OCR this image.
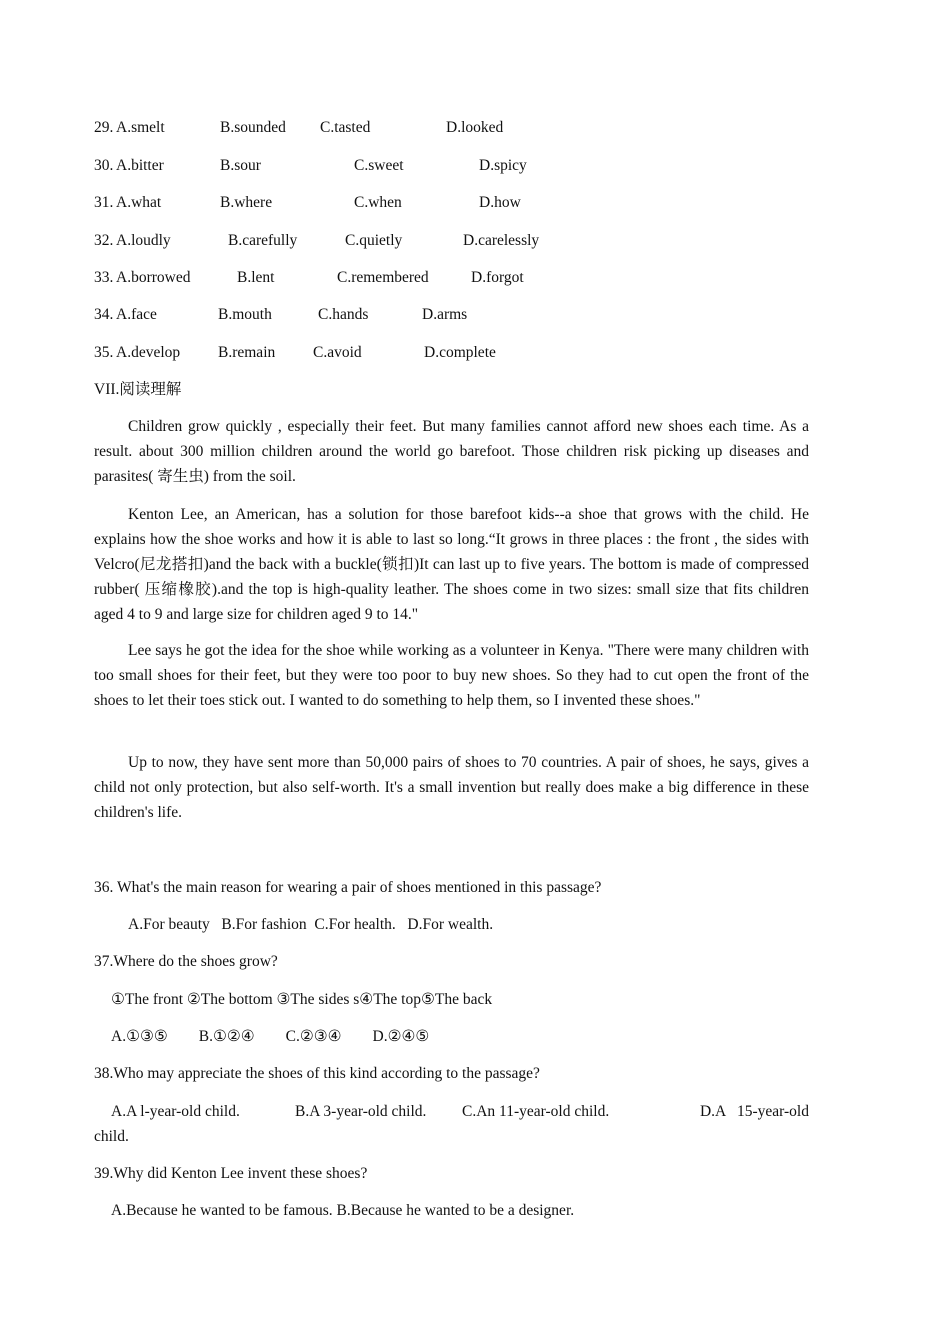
29. A.smelt	B.sounded C.tasted	D.looked
30. A.bitter	B.sour	C.sweet	D.spicy
31. A.what	B.where	C.when	D.how
32. A.loudly	B.carefully	C.quietly	D.carelessly
33. A.borrowed	B.lent	C.remembered	D.forgot
34. A.face	B.mouth	C.hands	D.arms
35. A.develop B.remain C.avoid	D.complete
VII.阅读理解

Children grow quickly , especially their feet. But many families cannot afford new shoes each time. As a result. about 300 million children around the world go barefoot. Those children risk picking up diseases and parasites( 寄生虫) from the soil.

Kenton Lee, an American, has a solution for those barefoot kids--a shoe that grows with the child. He explains how the shoe works and how it is able to last so long.“It grows in three places : the front , the sides with Velcro(尼龙搭扣)and the back with a buckle(锁扣)It can last up to five years. The bottom is made of compressed rubber( 压缩橡胶).and the top is high-quality leather. The shoes come in two sizes: small size that fits children aged 4 to 9 and large size for children aged 9 to 14."

Lee says he got the idea for the shoe while working as a volunteer in Kenya. "There were many children with too small shoes for their feet, but they were too poor to buy new shoes. So they had to cut open the front of the shoes to let their toes stick out. I wanted to do something to help them, so I invented these shoes."

Up to now, they have sent more than 50,000 pairs of shoes to 70 countries. A pair of shoes, he says, gives a child not only protection, but also self-worth. It's a small invention but really does make a big difference in these children's life.

36. What's the main reason for wearing a pair of shoes mentioned in this passage?
A.For beauty   B.For fashion  C.For health.   D.For wealth.
37.Where do the shoes grow?
①The front ②The bottom ③The sides s④The top⑤The back
A.①③⑤        B.①②④        C.②③④        D.②④⑤
38.Who may appreciate the shoes of this kind according to the passage?
A.A l-year-old child.	B.A 3-year-old child. C.An 11-year-old child.	D.A   15-year-old
child.
39.Why did Kenton Lee invent these shoes?
A.Because he wanted to be famous. B.Because he wanted to be a designer.
